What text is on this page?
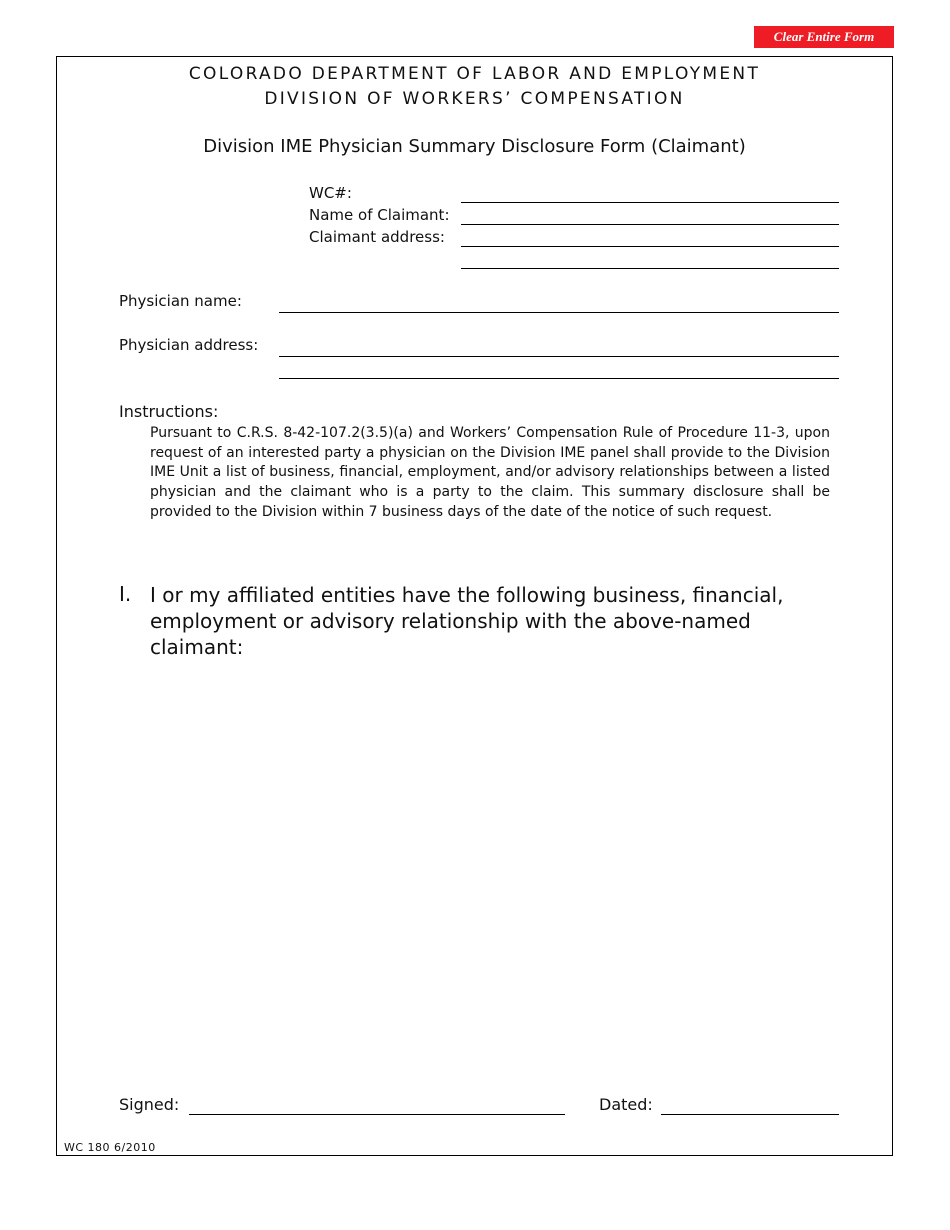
Clear Entire Form
COLORADO DEPARTMENT OF LABOR AND EMPLOYMENT
DIVISION OF WORKERS’ COMPENSATION
Division IME Physician Summary Disclosure Form (Claimant)
WC#:
Name of Claimant:
Claimant address:
Physician name:
Physician address:
Instructions:

Pursuant to C.R.S. 8-42-107.2(3.5)(a) and Workers’ Compensation Rule of Procedure 11-3, upon request of an interested party a physician on the Division IME panel shall provide to the Division IME Unit a list of business, financial, employment, and/or advisory relationships between a listed physician and the claimant who is a party to the claim. This summary disclosure shall be provided to the Division within 7 business days of the date of the notice of such request.

I. I or my affiliated entities have the following business, financial, employment or advisory relationship with the above-named claimant:

Signed:	Dated:
WC 180 6/2010
